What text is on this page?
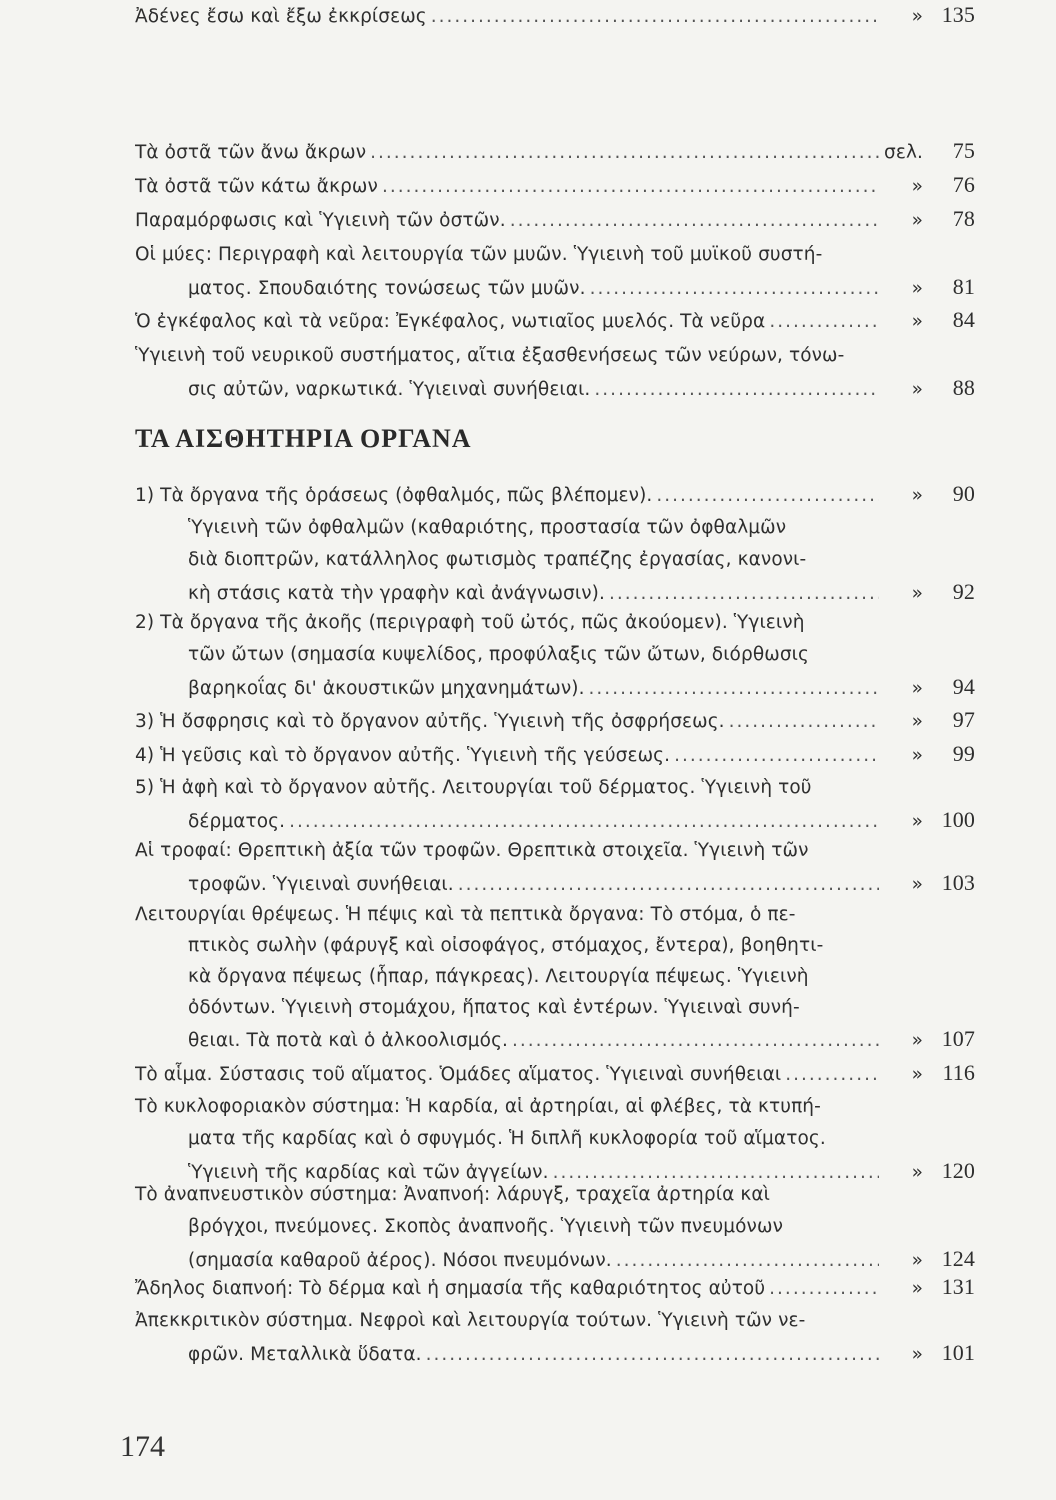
Τὰ ὀστᾶ τῶν ἄνω ἄκρων .....	σελ.	75
Τὰ ὀστᾶ τῶν κάτω ἄκρων .....	»	76
Παραμόρφωσις καὶ Ὑγιεινὴ τῶν ὀστῶν. .....	»	78
Οἱ μύες: Περιγραφὴ καὶ λειτουργία τῶν μυῶν. Ὑγιεινὴ τοῦ μυϊκοῦ συστή-
ματος. Σπουδαιότης τονώσεως τῶν μυῶν. .....	»	81
Ὁ ἐγκέφαλος καὶ τὰ νεῦρα: Ἐγκέφαλος, νωτιαῖος μυελός. Τὰ νεῦρα .....	»	84
Ὑγιεινὴ τοῦ νευρικοῦ συστήματος, αἴτια ἐξασθενήσεως τῶν νεύρων, τόνω-
σις αὐτῶν, ναρκωτικά. Ὑγιειναὶ συνήθειαι. .....	»	88
ΤΑ ΑΙΣΘΗΤΗΡΙΑ ΟΡΓΑΝΑ
1) Τὰ ὄργανα τῆς ὁράσεως (ὀφθαλμός, πῶς βλέπομεν). .....	»	90
Ὑγιεινὴ τῶν ὀφθαλμῶν (καθαριότης, προστασία τῶν ὀφθαλμῶν
διὰ διοπτρῶν, κατάλληλος φωτισμὸς τραπέζης ἐργασίας, κανονι-
κὴ στάσις κατὰ τὴν γραφὴν καὶ ἀνάγνωσιν). .....	»	92
2) Τὰ ὄργανα τῆς ἀκοῆς (περιγραφὴ τοῦ ὠτός, πῶς ἀκούομεν). Ὑγιεινὴ
τῶν ὤτων (σημασία κυψελίδος, προφύλαξις τῶν ὤτων, διόρθωσις
βαρηκοΐας δι' ἀκουστικῶν μηχανημάτων). .....	»	94
3) Ἡ ὄσφρησις καὶ τὸ ὄργανον αὐτῆς. Ὑγιεινὴ τῆς ὀσφρήσεως. .....	»	97
4) Ἡ γεῦσις καὶ τὸ ὄργανον αὐτῆς. Ὑγιεινὴ τῆς γεύσεως. .....	»	99
5) Ἡ ἀφὴ καὶ τὸ ὄργανον αὐτῆς. Λειτουργίαι τοῦ δέρματος. Ὑγιεινὴ τοῦ
δέρματος. .....	» 100
Αἱ τροφαί: Θρεπτικὴ ἀξία τῶν τροφῶν. Θρεπτικὰ στοιχεῖα. Ὑγιεινὴ τῶν
τροφῶν. Ὑγιειναὶ συνήθειαι. .....	» 103
Λειτουργίαι θρέψεως. Ἡ πέψις καὶ τὰ πεπτικὰ ὄργανα: Τὸ στόμα, ὁ πε-
πτικὸς σωλὴν (φάρυγξ καὶ οἰσοφάγος, στόμαχος, ἔντερα), βοηθητι-
κὰ ὄργανα πέψεως (ἧπαρ, πάγκρεας). Λειτουργία πέψεως. Ὑγιεινὴ
ὀδόντων. Ὑγιεινὴ στομάχου, ἥπατος καὶ ἐντέρων. Ὑγιειναὶ συνή-
θειαι. Τὰ ποτὰ καὶ ὁ ἀλκοολισμός. .....	» 107
Τὸ αἷμα. Σύστασις τοῦ αἵματος. Ὁμάδες αἵματος. Ὑγιειναὶ συνήθειαι .....	» 116
Τὸ κυκλοφοριακὸν σύστημα: Ἡ καρδία, αἱ ἀρτηρίαι, αἱ φλέβες, τὰ κτυπή-
ματα τῆς καρδίας καὶ ὁ σφυγμός. Ἡ διπλῆ κυκλοφορία τοῦ αἵματος.
Ὑγιεινὴ τῆς καρδίας καὶ τῶν ἀγγείων. .....	» 120
Τὸ ἀναπνευστικὸν σύστημα: Ἀναπνοή: λάρυγξ, τραχεῖα ἀρτηρία καὶ
βρόγχοι, πνεύμονες. Σκοπὸς ἀναπνοῆς. Ὑγιεινὴ τῶν πνευμόνων
(σημασία καθαροῦ ἀέρος). Νόσοι πνευμόνων. .....	» 124
Ἄδηλος διαπνοή: Τὸ δέρμα καὶ ἡ σημασία τῆς καθαριότητος αὐτοῦ .....	» 131
Ἀπεκκριτικὸν σύστημα. Νεφροὶ καὶ λειτουργία τούτων. Ὑγιεινὴ τῶν νε-
φρῶν. Μεταλλικὰ ὕδατα. .....	» 101
Ἀδένες ἔσω καὶ ἔξω ἐκκρίσεως .....	» 135
174
